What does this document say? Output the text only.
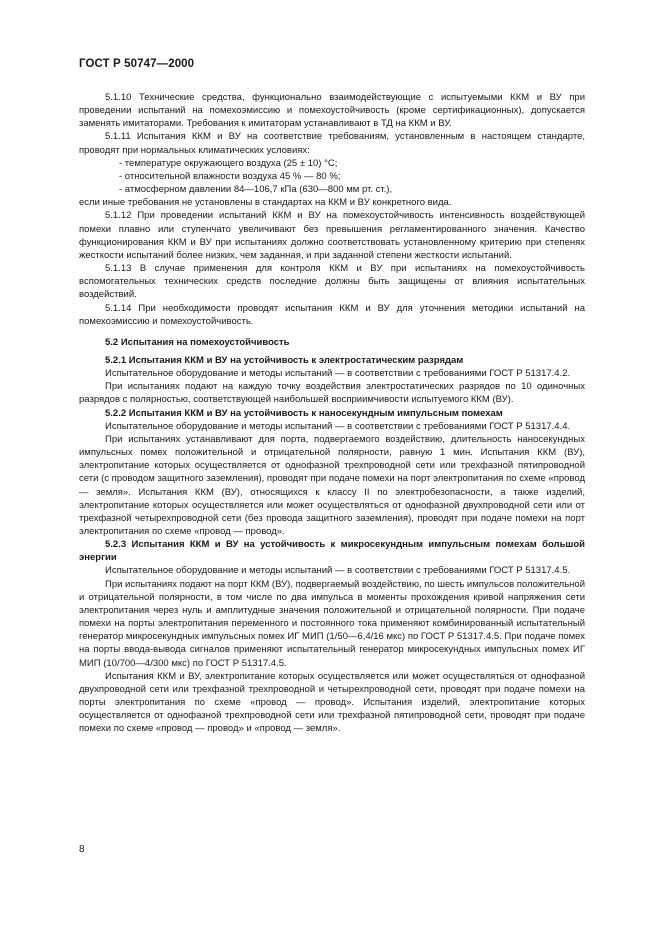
ГОСТ Р 50747—2000

5.1.10 Технические средства, функционально взаимодействующие с испытуемыми ККМ и ВУ при проведении испытаний на помехоэмиссию и помехоустойчивость (кроме сертификационных), допускается заменять имитаторами. Требования к имитаторам устанавливают в ТД на ККМ и ВУ.

5.1.11 Испытания ККМ и ВУ на соответствие требованиям, установленным в настоящем стандарте, проводят при нормальных климатических условиях:

- температуре окружающего воздуха (25 ± 10) °С;
- относительной влажности воздуха 45 % — 80 %;
- атмосферном давлении 84—106,7 кПа (630—800 мм рт. ст.),

если иные требования не установлены в стандартах на ККМ и ВУ конкретного вида.

5.1.12 При проведении испытаний ККМ и ВУ на помехоустойчивость интенсивность воздействующей помехи плавно или ступенчато увеличивают без превышения регламентированного значения. Качество функционирования ККМ и ВУ при испытаниях должно соответствовать установленному критерию при степенях жесткости испытаний более низких, чем заданная, и при заданной степени жесткости испытаний.

5.1.13 В случае применения для контроля ККМ и ВУ при испытаниях на помехоустойчивость вспомогательных технических средств последние должны быть защищены от влияния испытательных воздействий.

5.1.14 При необходимости проводят испытания ККМ и ВУ для уточнения методики испытаний на помехоэмиссию и помехоустойчивость.

5.2 Испытания на помехоустойчивость

5.2.1 Испытания ККМ и ВУ на устойчивость к электростатическим разрядам

Испытательное оборудование и методы испытаний — в соответствии с требованиями ГОСТ Р 51317.4.2.

При испытаниях подают на каждую точку воздействия электростатических разрядов по 10 одиночных разрядов с полярностью, соответствующей наибольшей восприимчивости испытуемого ККМ (ВУ).

5.2.2 Испытания ККМ и ВУ на устойчивость к наносекундным импульсным помехам

Испытательное оборудование и методы испытаний — в соответствии с требованиями ГОСТ Р 51317.4.4.

При испытаниях устанавливают для порта, подвергаемого воздействию, длительность наносекундных импульсных помех положительной и отрицательной полярности, равную 1 мин. Испытания ККМ (ВУ), электропитание которых осуществляется от однофазной трехпроводной сети или трехфазной пятипроводной сети (с проводом защитного заземления), проводят при подаче помехи на порт электропитания по схеме «провод — земля». Испытания ККМ (ВУ), относящихся к классу II по электробезопасности, а также изделий, электропитание которых осуществляется или может осуществляться от однофазной двухпроводной сети или от трехфазной четырехпроводной сети (без провода защитного заземления), проводят при подаче помехи на порт электропитания по схеме «провод — провод».

5.2.3 Испытания ККМ и ВУ на устойчивость к микросекундным импульсным помехам большой энергии

Испытательное оборудование и методы испытаний — в соответствии с требованиями ГОСТ Р 51317.4.5.

При испытаниях подают на порт ККМ (ВУ), подвергаемый воздействию, по шесть импульсов положительной и отрицательной полярности, в том числе по два импульса в моменты прохождения кривой напряжения сети электропитания через нуль и амплитудные значения положительной и отрицательной полярности. При подаче помехи на порты электропитания переменного и постоянного тока применяют комбинированный испытательный генератор микросекундных импульсных помех ИГ МИП (1/50—6,4/16 мкс) по ГОСТ Р 51317.4.5. При подаче помех на порты ввода-вывода сигналов применяют испытательный генератор микросекундных импульсных помех ИГ МИП (10/700—4/300 мкс) по ГОСТ Р 51317.4.5.

Испытания ККМ и ВУ, электропитание которых осуществляется или может осуществляться от однофазной двухпроводной сети или трехфазной трехпроводной и четырехпроводной сети, проводят при подаче помехи на порты электропитания по схеме «провод — провод». Испытания изделий, электропитание которых осуществляется от однофазной трехпроводной сети или трехфазной пятипроводной сети, проводят при подаче помехи по схеме «провод — провод» и «провод — земля».

8
